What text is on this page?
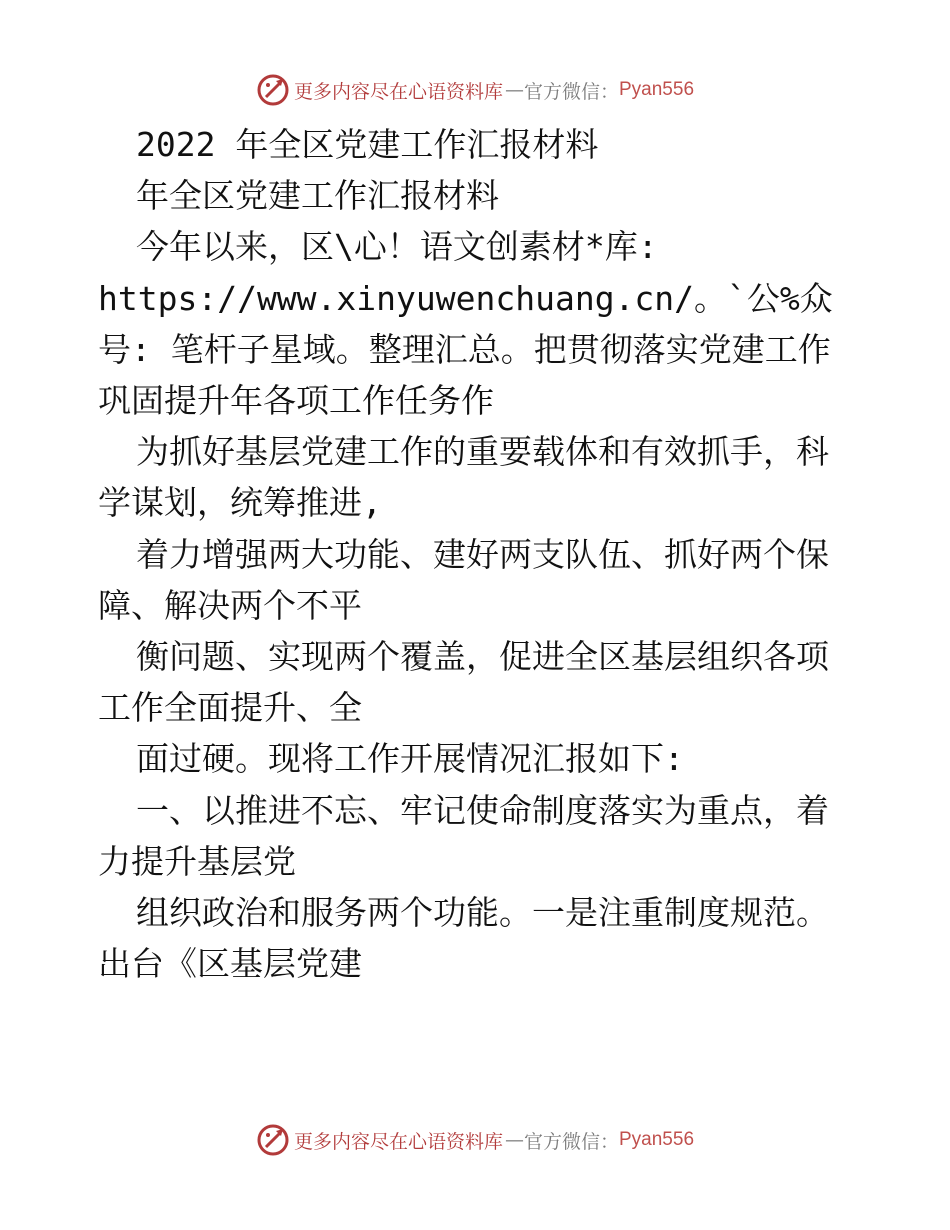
更多内容尽在心语资料库 — 官方微信： Pyan556

2022 年全区党建工作汇报材料

年全区党建工作汇报材料

今年以来，区\心！语文创素材*库: https://www.xinyuwenchuang.cn/。`公%众号: 笔杆子星域。整理汇总。把贯彻落实党建工作巩固提升年各项工作任务作

为抓好基层党建工作的重要载体和有效抓手，科学谋划，统筹推进,

着力增强两大功能、建好两支队伍、抓好两个保障、解决两个不平

衡问题、实现两个覆盖，促进全区基层组织各项工作全面提升、全

面过硬。现将工作开展情况汇报如下:

一、以推进不忘、牢记使命制度落实为重点，着力提升基层党

组织政治和服务两个功能。一是注重制度规范。出台《区基层党建

更多内容尽在心语资料库 — 官方微信： Pyan556
